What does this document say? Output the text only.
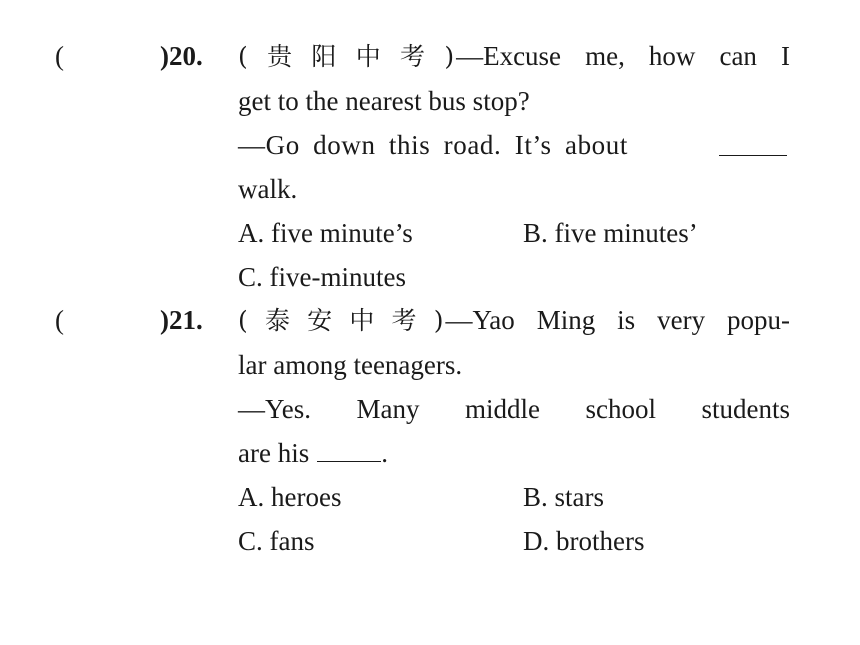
(	)20. (贵阳中考)—Excuse me, how can I
get to the nearest bus stop?
—Go down this road. It’s about
walk.
A. five minute’s	B. five minutes’
C. five-minutes
(	)21. (泰安中考)—Yao Ming is very popu-
lar among teenagers.
—Yes. Many middle school students
are his	.
A. heroes	B. stars
C. fans	D. brothers
